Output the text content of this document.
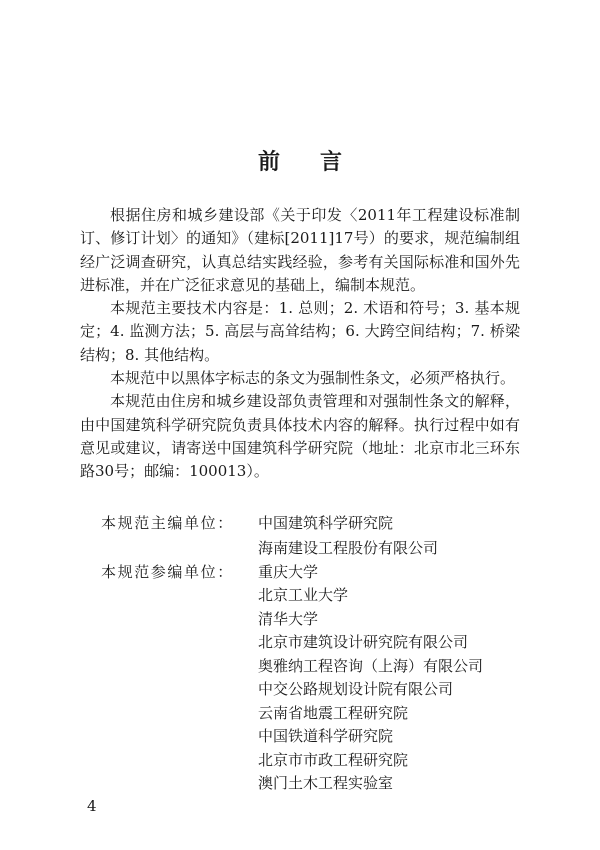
前 言

根据住房和城乡建设部《关于印发〈2011年工程建设标准制订、修订计划〉的通知》（建标[2011]17号）的要求，规范编制组经广泛调查研究，认真总结实践经验，参考有关国际标准和国外先进标准，并在广泛征求意见的基础上，编制本规范。

本规范主要技术内容是：1. 总则；2. 术语和符号；3. 基本规定；4. 监测方法；5. 高层与高耸结构；6. 大跨空间结构；7. 桥梁结构；8. 其他结构。

本规范中以黑体字标志的条文为强制性条文，必须严格执行。

本规范由住房和城乡建设部负责管理和对强制性条文的解释，由中国建筑科学研究院负责具体技术内容的解释。执行过程中如有意见或建议，请寄送中国建筑科学研究院（地址：北京市北三环东路30号；邮编：100013）。

本规范主编单位： 中国建筑科学研究院
海南建设工程股份有限公司
本规范参编单位： 重庆大学
北京工业大学
清华大学
北京市建筑设计研究院有限公司
奥雅纳工程咨询（上海）有限公司
中交公路规划设计院有限公司
云南省地震工程研究院
中国铁道科学研究院
北京市市政工程研究院
澳门土木工程实验室
4
